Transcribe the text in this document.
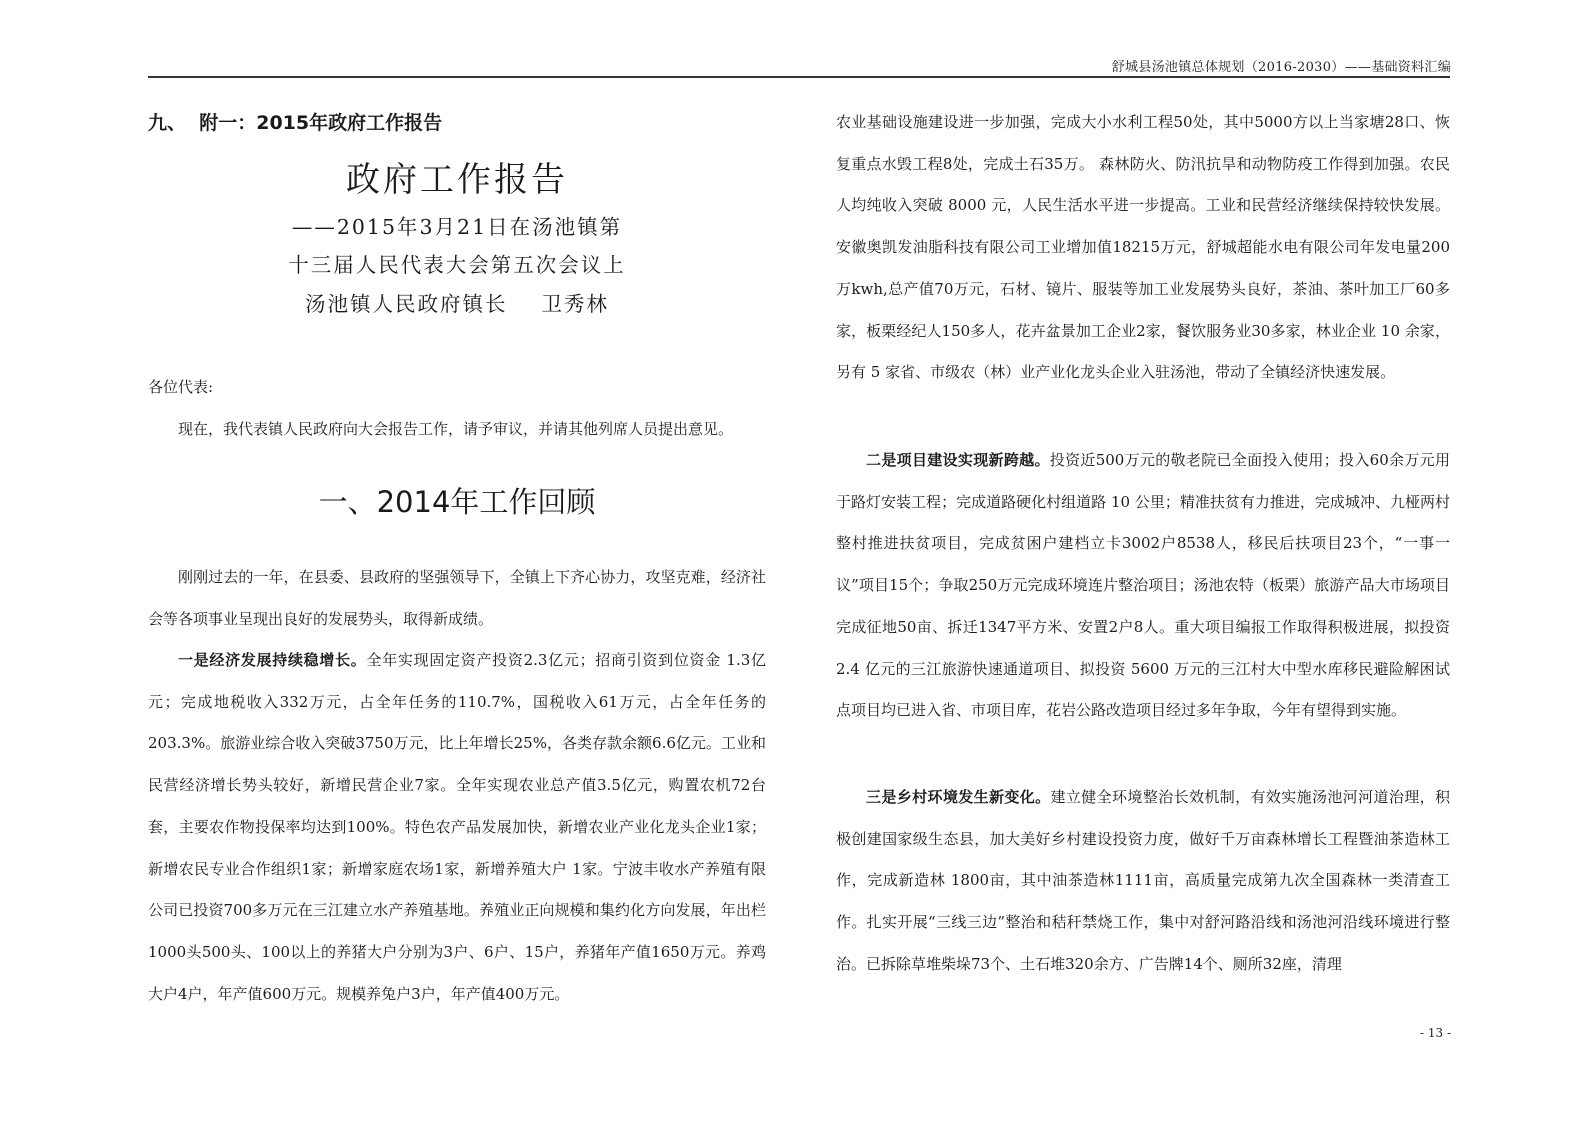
舒城县汤池镇总体规划（2016-2030）——基础资料汇编
九、  附一：2015年政府工作报告
政府工作报告
——2015年3月21日在汤池镇第
十三届人民代表大会第五次会议上
汤池镇人民政府镇长    卫秀林

各位代表:

现在，我代表镇人民政府向大会报告工作，请予审议，并请其他列席人员提出意见。

一、2014年工作回顾

刚刚过去的一年，在县委、县政府的坚强领导下，全镇上下齐心协力，攻坚克难，经济社会等各项事业呈现出良好的发展势头，取得新成绩。

一是经济发展持续稳增长。全年实现固定资产投资2.3亿元；招商引资到位资金 1.3亿元；完成地税收入332万元，占全年任务的110.7%，国税收入61万元，占全年任务的203.3%。旅游业综合收入突破3750万元，比上年增长25%，各类存款余额6.6亿元。工业和民营经济增长势头较好，新增民营企业7家。全年实现农业总产值3.5亿元，购置农机72台套，主要农作物投保率均达到100%。特色农产品发展加快，新增农业产业化龙头企业1家；新增农民专业合作组织1家；新增家庭农场1家，新增养殖大户 1家。宁波丰收水产养殖有限公司已投资700多万元在三江建立水产养殖基地。养殖业正向规模和集约化方向发展，年出栏1000头500头、100以上的养猪大户分别为3户、6户、15户，养猪年产值1650万元。养鸡大户4户，年产值600万元。规模养兔户3户，年产值400万元。

农业基础设施建设进一步加强，完成大小水利工程50处，其中5000方以上当家塘28口、恢复重点水毁工程8处，完成土石35万。 森林防火、防汛抗旱和动物防疫工作得到加强。农民人均纯收入突破 8000 元，人民生活水平进一步提高。工业和民营经济继续保持较快发展。安徽奥凯发油脂科技有限公司工业增加值18215万元，舒城超能水电有限公司年发电量200万kwh,总产值70万元，石材、镜片、服装等加工业发展势头良好，茶油、茶叶加工厂60多家，板栗经纪人150多人，花卉盆景加工企业2家，餐饮服务业30多家，林业企业 10 余家，另有 5 家省、市级农（林）业产业化龙头企业入驻汤池，带动了全镇经济快速发展。

二是项目建设实现新跨越。投资近500万元的敬老院已全面投入使用；投入60余万元用于路灯安装工程；完成道路硬化村组道路 10 公里；精准扶贫有力推进，完成城冲、九桠两村整村推进扶贫项目，完成贫困户建档立卡3002户8538人，移民后扶项目23个，“一事一议”项目15个；争取250万元完成环境连片整治项目；汤池农特（板栗）旅游产品大市场项目完成征地50亩、拆迁1347平方米、安置2户8人。重大项目编报工作取得积极进展，拟投资 2.4 亿元的三江旅游快速通道项目、拟投资 5600 万元的三江村大中型水库移民避险解困试点项目均已进入省、市项目库，花岩公路改造项目经过多年争取，今年有望得到实施。

三是乡村环境发生新变化。建立健全环境整治长效机制，有效实施汤池河河道治理，积极创建国家级生态县，加大美好乡村建设投资力度，做好千万亩森林增长工程暨油茶造林工作，完成新造林 1800亩，其中油茶造林1111亩，高质量完成第九次全国森林一类清查工作。扎实开展“三线三边”整治和秸秆禁烧工作，集中对舒河路沿线和汤池河沿线环境进行整治。已拆除草堆柴垛73个、土石堆320余方、广告牌14个、厕所32座，清理

- 13 -
